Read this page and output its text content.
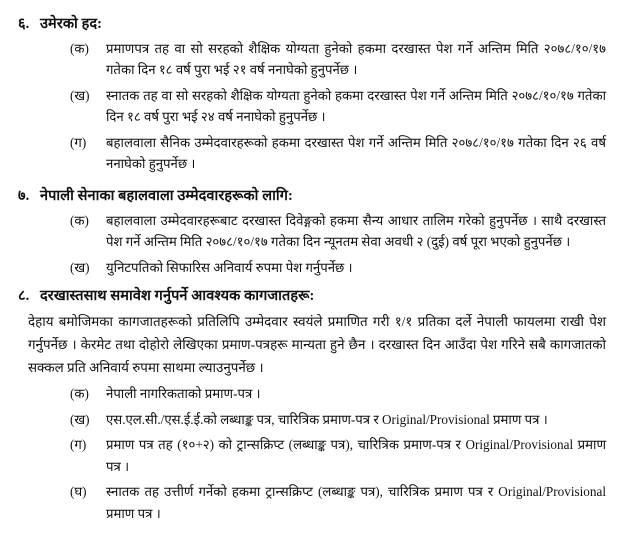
६. उमेरको हद:
(क)	प्रमाणपत्र तह वा सो सरहको शैक्षिक योग्यता हुनेको हकमा दरखास्त पेश गर्ने अन्तिम मिति २०७८/१०/१७ गतेका दिन १८ वर्ष पुरा भई २१ वर्ष ननाघेको हुनुपर्नेछ ।
(ख)	स्नातक तह वा सो सरहको शैक्षिक योग्यता हुनेको हकमा दरखास्त पेश गर्ने अन्तिम मिति २०७८/१०/१७ गतेका दिन १८ वर्ष पुरा भई २४ वर्ष ननाघेको हुनुपर्नेछ ।
(ग)	बहालवाला सैनिक उम्मेदवारहरूको हकमा दरखास्त पेश गर्ने अन्तिम मिति २०७८/१०/१७ गतेका दिन २६ वर्ष ननाघेको हुनुपर्नेछ ।
७. नेपाली सेनाका बहालवाला उम्मेदवारहरूको लागि:
(क)	बहालवाला उम्मेदवारहरूबाट दरखास्त दिवेङ्गको हकमा सैन्य आधार तालिम गरेको हुनुपर्नेछ । साथै दरखास्त पेश गर्ने अन्तिम मिति २०७८/१०/१७ गतेका दिन न्यूनतम सेवा अवधी २ (दुई) वर्ष पूरा भएको हुनुपर्नेछ ।
(ख)	युनिटपतिको सिफारिस अनिवार्य रुपमा पेश गर्नुपर्नेछ ।
८. दरखास्तसाथ समावेश गर्नुपर्ने आवश्यक कागजातहरू:
देहाय बमोजिमका कागजातहरूको प्रतिलिपि उम्मेदवार स्वयंले प्रमाणित गरी १/१ प्रतिका दर्ले नेपाली फायलमा राखी पेश गर्नुपर्नेछ । केरमेट तथा दोहोरो लेखिएका प्रमाण-पत्रहरू मान्यता हुने छैन । दरखास्त दिन आउँदा पेश गरिने सबै कागजातको सक्कल प्रति अनिवार्य रुपमा साथमा ल्याउनुपर्नेछ ।
(क)	नेपाली नागरिकताको प्रमाण-पत्र ।
(ख)	एस.एल.सी./एस.ई.ई.को लब्धाङ्क पत्र, चारित्रिक प्रमाण-पत्र र Original/Provisional प्रमाण पत्र ।
(ग)	प्रमाण पत्र तह (१०+२) को ट्रान्सक्रिप्ट (लब्धाङ्क पत्र), चारित्रिक प्रमाण-पत्र र Original/Provisional प्रमाण पत्र ।
(घ)	स्नातक तह उत्तीर्ण गर्नेको हकमा ट्रान्सक्रिप्ट (लब्धाङ्क पत्र), चारित्रिक प्रमाण पत्र र Original/Provisional प्रमाण पत्र ।
